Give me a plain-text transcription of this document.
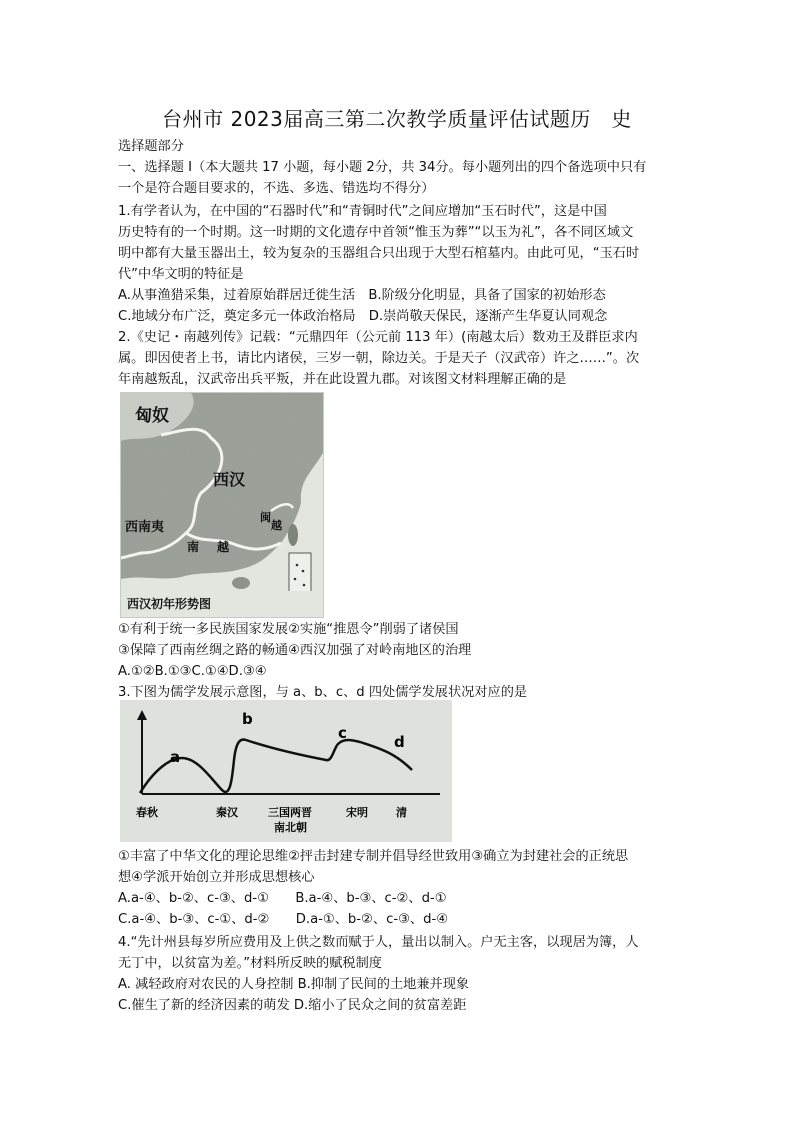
台州市 2023届高三第二次教学质量评估试题历　史
选择题部分
一、选择题 I（本大题共 17 小题，每小题 2分，共 34分。每小题列出的四个备选项中只有
一个是符合题目要求的，不选、多选、错选均不得分）
1.有学者认为，在中国的“石器时代”和“青铜时代”之间应增加“玉石时代”，这是中国
历史特有的一个时期。这一时期的文化遗存中首领“惟玉为葬”“以玉为礼”，各不同区域文
明中都有大量玉器出土，较为复杂的玉器组合只出现于大型石棺墓内。由此可见，“玉石时
代”中华文明的特征是
A.从事渔猎采集，过着原始群居迁徙生活　B.阶级分化明显，具备了国家的初始形态
C.地域分布广泛，奠定多元一体政治格局　D.崇尚敬天保民，逐渐产生华夏认同观念
2.《史记・南越列传》记载：“元鼎四年（公元前 113 年）(南越太后）数劝王及群臣求内
属。即因使者上书，请比内诸侯，三岁一朝，除边关。于是天子（汉武帝）许之……”。次
年南越叛乱，汉武帝出兵平叛，并在此设置九郡。对该图文材料理解正确的是
匈奴
西汉
西南夷
南 越
闽
越
西汉初年形势图
①有利于统一多民族国家发展②实施“推恩令”削弱了诸侯国
③保障了西南丝绸之路的畅通④西汉加强了对岭南地区的治理
A.①②B.①③C.①④D.③④
3.下图为儒学发展示意图，与 a、b、c、d 四处儒学发展状况对应的是
a
b
c	d
春秋	秦汉	三国两晋
南北朝
宋明	清
①丰富了中华文化的理论思维②抨击封建专制并倡导经世致用③确立为封建社会的正统思
想④学派开始创立并形成思想核心
A.a-④、b-②、c-③、d-①　　B.a-④、b-③、c-②、d-①
C.a-④、b-③、c-①、d-②　　D.a-①、b-②、c-③、d-④
4.“先计州县每岁所应费用及上供之数而赋于人，量出以制入。户无主客，以现居为簿，人
无丁中，以贫富为差。”材料所反映的赋税制度
A. 减轻政府对农民的人身控制 B.抑制了民间的土地兼并现象
C.催生了新的经济因素的萌发 D.缩小了民众之间的贫富差距
